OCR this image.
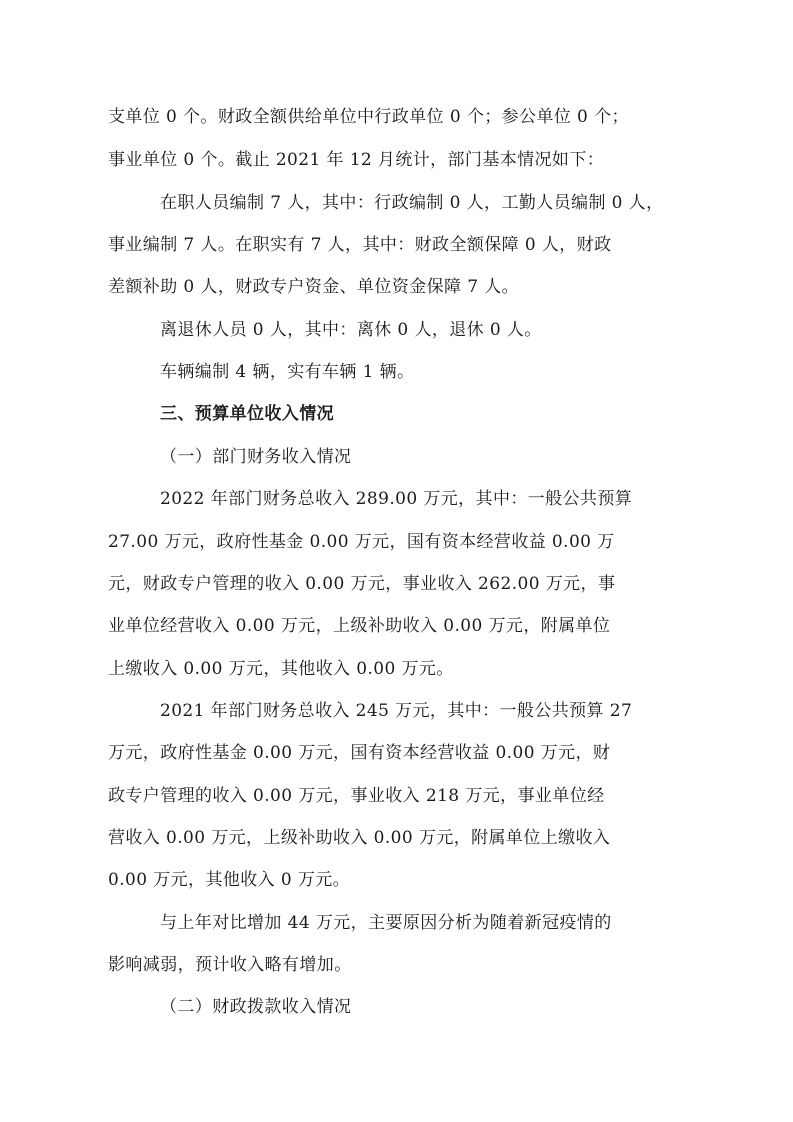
支单位 0 个。财政全额供给单位中行政单位 0 个；参公单位 0 个；
事业单位 0 个。截止 2021 年 12 月统计，部门基本情况如下：
在职人员编制 7 人，其中：行政编制 0 人，工勤人员编制 0 人，
事业编制 7 人。在职实有 7 人，其中：财政全额保障 0 人，财政
差额补助 0 人，财政专户资金、单位资金保障 7 人。
离退休人员 0 人，其中：离休 0 人，退休 0 人。
车辆编制 4 辆，实有车辆 1 辆。
三、预算单位收入情况
（一）部门财务收入情况
2022 年部门财务总收入 289.00 万元，其中：一般公共预算
27.00 万元，政府性基金 0.00 万元，国有资本经营收益 0.00 万
元，财政专户管理的收入 0.00 万元，事业收入 262.00 万元，事
业单位经营收入 0.00 万元，上级补助收入 0.00 万元，附属单位
上缴收入 0.00 万元，其他收入 0.00 万元。
2021 年部门财务总收入 245 万元，其中：一般公共预算 27
万元，政府性基金 0.00 万元，国有资本经营收益 0.00 万元，财
政专户管理的收入 0.00 万元，事业收入 218 万元，事业单位经
营收入 0.00 万元，上级补助收入 0.00 万元，附属单位上缴收入
0.00 万元，其他收入 0 万元。
与上年对比增加 44 万元，主要原因分析为随着新冠疫情的
影响减弱，预计收入略有增加。
（二）财政拨款收入情况
